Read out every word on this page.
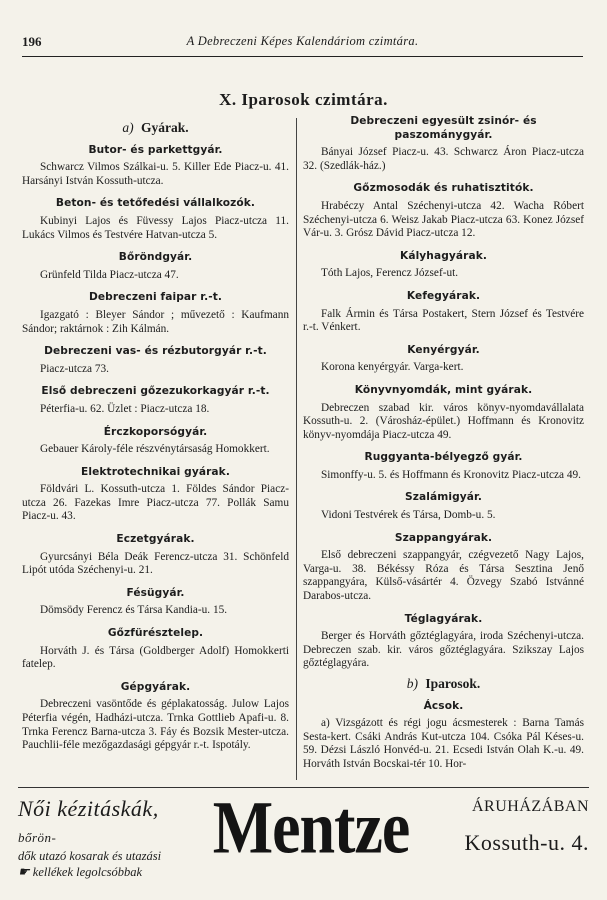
196	A Debreczeni Képes Kalendáriom czimtára.
X. Iparosok czimtára.
a) Gyárak.
Butor- és parkettgyár.

Schwarcz Vilmos Szálkai-u. 5. Killer Ede Piacz-u. 41. Harsányi István Kossuth-utcza.

Beton- és tetőfedési vállalkozók.

Kubinyi Lajos és Füvessy Lajos Piacz-utcza 11. Lukács Vilmos és Testvére Hatvan-utcza 5.

Bőröndgyár.

Grünfeld Tilda Piacz-utcza 47.

Debreczeni faipar r.-t.

Igazgató : Bleyer Sándor ; művezető : Kaufmann Sándor; raktárnok : Zih Kálmán.

Debreczeni vas- és rézbutorgyár r.-t.

Piacz-utcza 73.

Első debreczeni gőzezukorkagyár r.-t.

Péterfia-u. 62. Üzlet : Piacz-utcza 18.

Érczkoporsógyár.

Gebauer Károly-féle részvénytársaság Homokkert.

Elektrotechnikai gyárak.

Földvári L. Kossuth-utcza 1. Földes Sándor Piacz-utcza 26. Fazekas Imre Piacz-utcza 77. Pollák Samu Piacz-u. 43.

Eczetgyárak.

Gyurcsányi Béla Deák Ferencz-utcza 31. Schönfeld Lipót utóda Széchenyi-u. 21.

Fésügyár.

Dömsödy Ferencz és Társa Kandia-u. 15.

Gőzfürésztelep.

Horváth J. és Társa (Goldberger Adolf) Homokkerti fatelep.

Gépgyárak.

Debreczeni vasöntőde és géplakatosság. Julow Lajos Péterfia végén, Hadházi-utcza. Trnka Gottlieb Apafi-u. 8. Trnka Ferencz Barna-utcza 3. Fáy és Bozsik Mester-utcza. Pauchlii-féle mezőgazdasági gépgyár r.-t. Ispotály.

Debreczeni egyesült zsinór- és paszománygyár.

Bányai József Piacz-u. 43. Schwarcz Áron Piacz-utcza 32. (Szedlák-ház.)

Gőzmosodák és ruhatisztitók.

Hrabéczy Antal Széchenyi-utcza 42. Wacha Róbert Széchenyi-utcza 6. Weisz Jakab Piacz-utcza 63. Konez József Vár-u. 3. Grósz Dávid Piacz-utcza 12.

Kályhagyárak.

Tóth Lajos, Ferencz József-ut.

Kefegyárak.

Falk Ármin és Társa Postakert, Stern József és Testvére r.-t. Vénkert.

Kenyérgyár.

Korona kenyérgyár. Varga-kert.

Könyvnyomdák, mint gyárak.

Debreczen szabad kir. város könyv-nyomdavállalata Kossuth-u. 2. (Városház-épület.) Hoffmann és Kronovitz könyv-nyomdája Piacz-utcza 49.

Ruggyanta-bélyegző gyár.

Simonffy-u. 5. és Hoffmann és Kronovitz Piacz-utcza 49.

Szalámigyár.

Vidoni Testvérek és Társa, Domb-u. 5.

Szappangyárak.

Első debreczeni szappangyár, czégvezető Nagy Lajos, Varga-u. 38. Békéssy Róza és Társa Sesztina Jenő szappangyára, Külső-vásártér 4. Özvegy Szabó Istvánné Darabos-utcza.

Téglagyárak.

Berger és Horváth gőztéglagyára, iroda Széchenyi-utcza. Debreczen szab. kir. város gőztéglagyára. Szikszay Lajos gőztéglagyára.

b) Iparosok.
Ácsok.

a) Vizsgázott és régi jogu ácsmesterek : Barna Tamás Sesta-kert. Csáki András Kut-utcza 104. Csóka Pál Késes-u. 59. Dézsi László Honvéd-u. 21. Ecsedi István Olah K.-u. 49. Horváth István Bocskai-tér 10. Hor-

Női kézitáskák, bőrön-
dők utazó kosarak és utazási
☛ kellékek legolcsóbbak
Mentze	ÁRUHÁZÁBAN
Kossuth-u. 4.
